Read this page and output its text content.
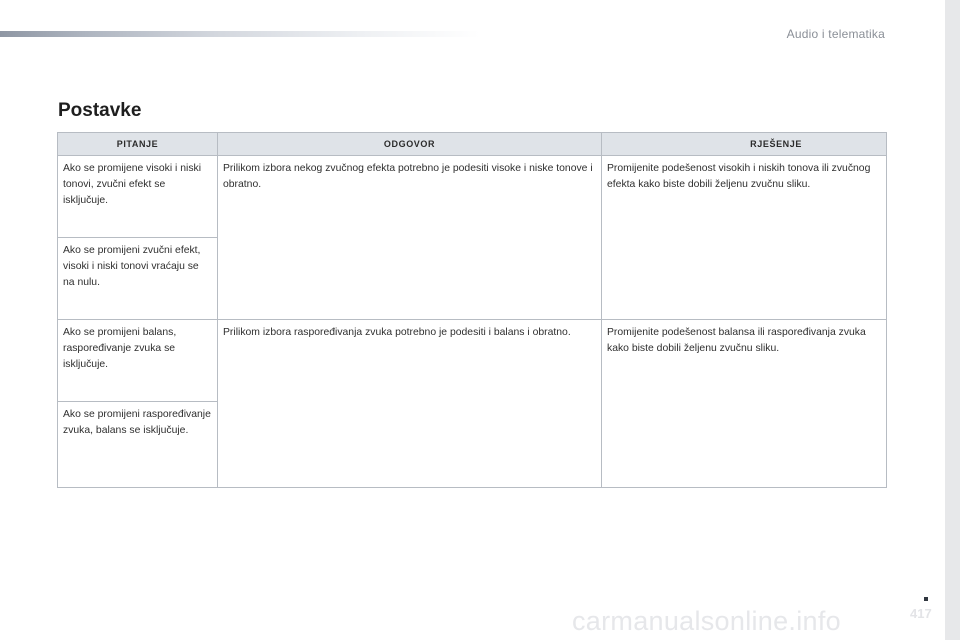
Audio i telematika
Postavke
PITANJE	ODGOVOR	RJEŠENJE
Ako se promijene visoki i niski tonovi, zvučni efekt se isključuje.	Prilikom izbora nekog zvučnog efekta potrebno je podesiti visoke i niske tonove i obratno.	Promijenite podešenost visokih i niskih tonova ili zvučnog efekta kako biste dobili željenu zvučnu sliku.
Ako se promijeni zvučni efekt, visoki i niski tonovi vraćaju se na nulu.		
Ako se promijeni balans, raspoređivanje zvuka se isključuje.	Prilikom izbora raspoređivanja zvuka potrebno je podesiti i balans i obratno.	Promijenite podešenost balansa ili raspoređivanja zvuka kako biste dobili željenu zvučnu sliku.
Ako se promijeni raspoređivanje zvuka, balans se isključuje.		
carmanualsonline.info	417
